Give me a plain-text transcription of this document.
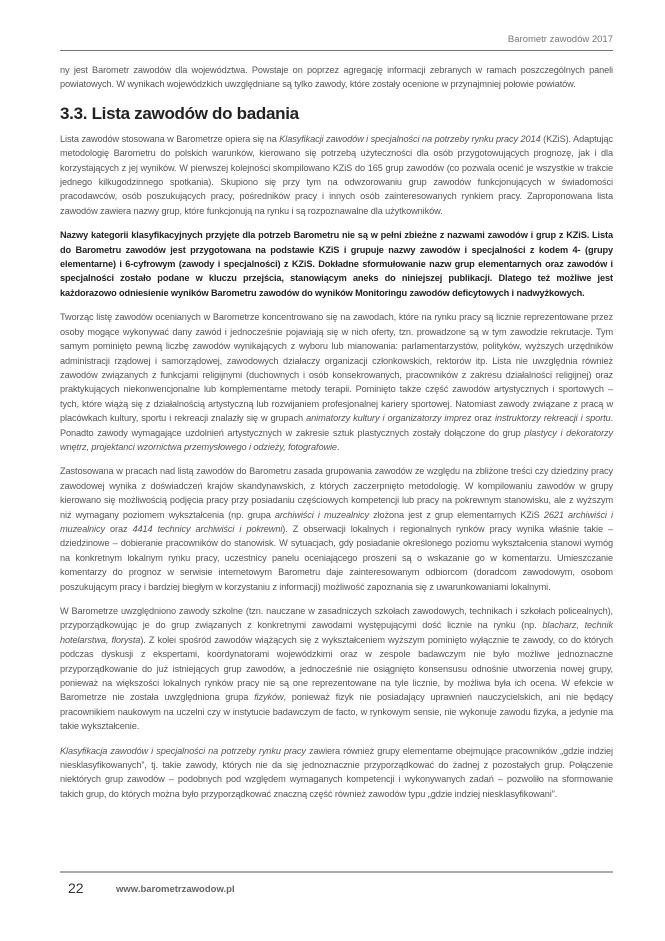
Barometr zawodów 2017

ny jest Barometr zawodów dla województwa. Powstaje on poprzez agregację informacji zebranych w ramach poszczególnych paneli powiatowych. W wynikach wojewódzkich uwzględniane są tylko zawody, które zostały ocenione w przynajmniej połowie powiatów.

3.3. Lista zawodów do badania

Lista zawodów stosowana w Barometrze opiera się na Klasyfikacji zawodów i specjalności na potrzeby rynku pracy 2014 (KZiS). Adaptując metodologię Barometru do polskich warunków, kierowano się potrzebą użyteczności dla osób przygotowujących prognozę, jak i dla korzystających z jej wyników. W pierwszej kolejności skompilowano KZiS do 165 grup zawodów (co pozwala ocenić je wszystkie w trakcie jednego kilkugodzinnego spotkania). Skupiono się przy tym na odwzorowaniu grup zawodów funkcjonujących w świadomości pracodawców, osób poszukujących pracy, pośredników pracy i innych osób zainteresowanych rynkiem pracy. Zaproponowana lista zawodów zawiera nazwy grup, które funkcjonują na rynku i są rozpoznawalne dla użytkowników.

Nazwy kategorii klasyfikacyjnych przyjęte dla potrzeb Barometru nie są w pełni zbieżne z nazwami zawodów i grup z KZiS. Lista do Barometru zawodów jest przygotowana na podstawie KZiS i grupuje nazwy zawodów i specjalności z kodem 4- (grupy elementarne) i 6-cyfrowym (zawody i specjalności) z KZiS. Dokładne sformułowanie nazw grup elementarnych oraz zawodów i specjalności zostało podane w kluczu przejścia, stanowiącym aneks do niniejszej publikacji. Dlatego też możliwe jest każdorazowo odniesienie wyników Barometru zawodów do wyników Monitoringu zawodów deficytowych i nadwyżkowych.

Tworząc listę zawodów ocenianych w Barometrze koncentrowano się na zawodach, które na rynku pracy są licznie reprezentowane przez osoby mogące wykonywać dany zawód i jednocześnie pojawiają się w nich oferty, tzn. prowadzone są w tym zawodzie rekrutacje. Tym samym pominięto pewną liczbę zawodów wynikających z wyboru lub mianowania: parlamentarzystów, polityków, wyższych urzędników administracji rządowej i samorządowej, zawodowych działaczy organizacji członkowskich, rektorów itp. Lista nie uwzględnia również zawodów związanych z funkcjami religijnymi (duchownych i osób konsekrowanych, pracowników z zakresu działalności religijnej) oraz praktykujących niekonwencjonalne lub komplementarne metody terapii. Pominięto także część zawodów artystycznych i sportowych – tych, które wiążą się z działalnością artystyczną lub rozwijaniem profesjonalnej kariery sportowej. Natomiast zawody związane z pracą w placówkach kultury, sportu i rekreacji znalazły się w grupach animatorzy kultury i organizatorzy imprez oraz instruktorzy rekreacji i sportu. Ponadto zawody wymagające uzdolnień artystycznych w zakresie sztuk plastycznych zostały dołączone do grup plastycy i dekoratorzy wnętrz, projektanci wzornictwa przemysłowego i odzieży, fotografowie.

Zastosowana w pracach nad listą zawodów do Barometru zasada grupowania zawodów ze względu na zbliżone treści czy dziedziny pracy zawodowej wynika z doświadczeń krajów skandynawskich, z których zaczerpnięto metodologię. W kompilowaniu zawodów w grupy kierowano się możliwością podjęcia pracy przy posiadaniu częściowych kompetencji lub pracy na pokrewnym stanowisku, ale z wyższym niż wymagany poziomem wykształcenia (np. grupa archiwiści i muzealnicy złożona jest z grup elementarnych KZiS 2621 archiwiści i muzealnicy oraz 4414 technicy archiwiści i pokrewni). Z obserwacji lokalnych i regionalnych rynków pracy wynika właśnie takie – dziedzinowe – dobieranie pracowników do stanowisk. W sytuacjach, gdy posiadanie określonego poziomu wykształcenia stanowi wymóg na konkretnym lokalnym rynku pracy, uczestnicy panelu oceniającego proszeni są o wskazanie go w komentarzu. Umieszczanie komentarzy do prognoz w serwisie internetowym Barometru daje zainteresowanym odbiorcom (doradcom zawodowym, osobom poszukującym pracy i bardziej biegłym w korzystaniu z informacji) możliwość zapoznania się z uwarunkowaniami lokalnymi.

W Barometrze uwzględniono zawody szkolne (tzn. nauczane w zasadniczych szkołach zawodowych, technikach i szkołach policealnych), przyporządkowując je do grup związanych z konkretnymi zawodami występującymi dość licznie na rynku (np. blacharz, technik hotelarstwa, florysta). Z kolei spośród zawodów wiążących się z wykształceniem wyższym pominięto wyłącznie te zawody, co do których podczas dyskusji z ekspertami, koordynatorami wojewódzkimi oraz w zespole badawczym nie było możliwe jednoznaczne przyporządkowanie do już istniejących grup zawodów, a jednocześnie nie osiągnięto konsensusu odnośnie utworzenia nowej grupy, ponieważ na większości lokalnych rynków pracy nie są one reprezentowane na tyle licznie, by możliwa była ich ocena. W efekcie w Barometrze nie została uwzględniona grupa fizyków, ponieważ fizyk nie posiadający uprawnień nauczycielskich, ani nie będący pracownikiem naukowym na uczelni czy w instytucie badawczym de facto, w rynkowym sensie, nie wykonuje zawodu fizyka, a jedynie ma takie wykształcenie.

Klasyfikacja zawodów i specjalności na potrzeby rynku pracy zawiera również grupy elementarne obejmujące pracowników „gdzie indziej niesklasyfikowanych”, tj. takie zawody, których nie da się jednoznacznie przyporządkować do żadnej z pozostałych grup. Połączenie niektórych grup zawodów – podobnych pod względem wymaganych kompetencji i wykonywanych zadań – pozwoliło na sformowanie takich grup, do których można było przyporządkować znaczną część również zawodów typu „gdzie indziej niesklasyfikowani”.

22	www.barometrzawodow.pl
